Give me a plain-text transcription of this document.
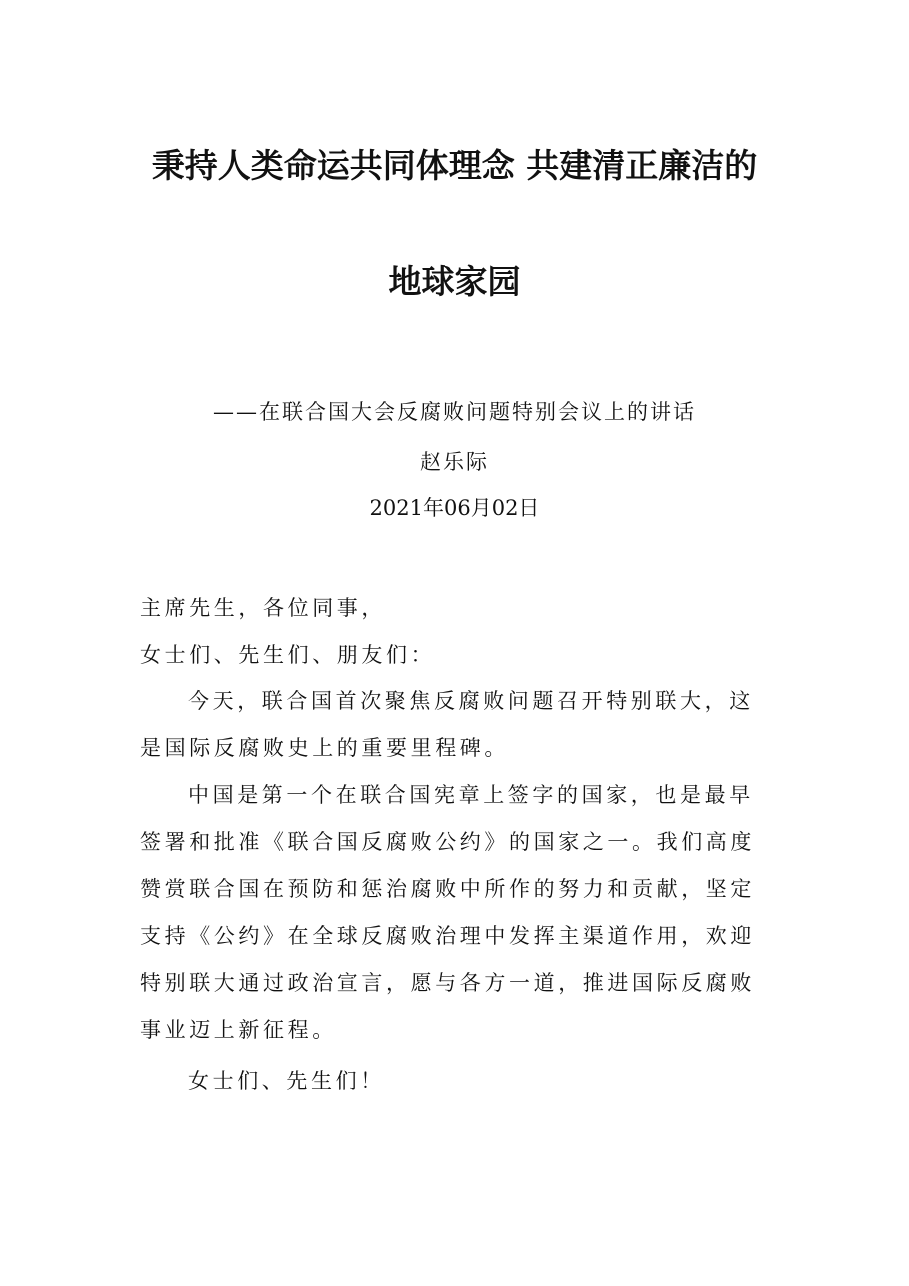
秉持人类命运共同体理念 共建清正廉洁的
地球家园
——在联合国大会反腐败问题特别会议上的讲话
赵乐际
2021年06月02日
主席先生，各位同事，
女士们、先生们、朋友们：
今天，联合国首次聚焦反腐败问题召开特别联大，这
是国际反腐败史上的重要里程碑。
中国是第一个在联合国宪章上签字的国家，也是最早
签署和批准《联合国反腐败公约》的国家之一。我们高度
赞赏联合国在预防和惩治腐败中所作的努力和贡献，坚定
支持《公约》在全球反腐败治理中发挥主渠道作用，欢迎
特别联大通过政治宣言，愿与各方一道，推进国际反腐败
事业迈上新征程。
女士们、先生们！
